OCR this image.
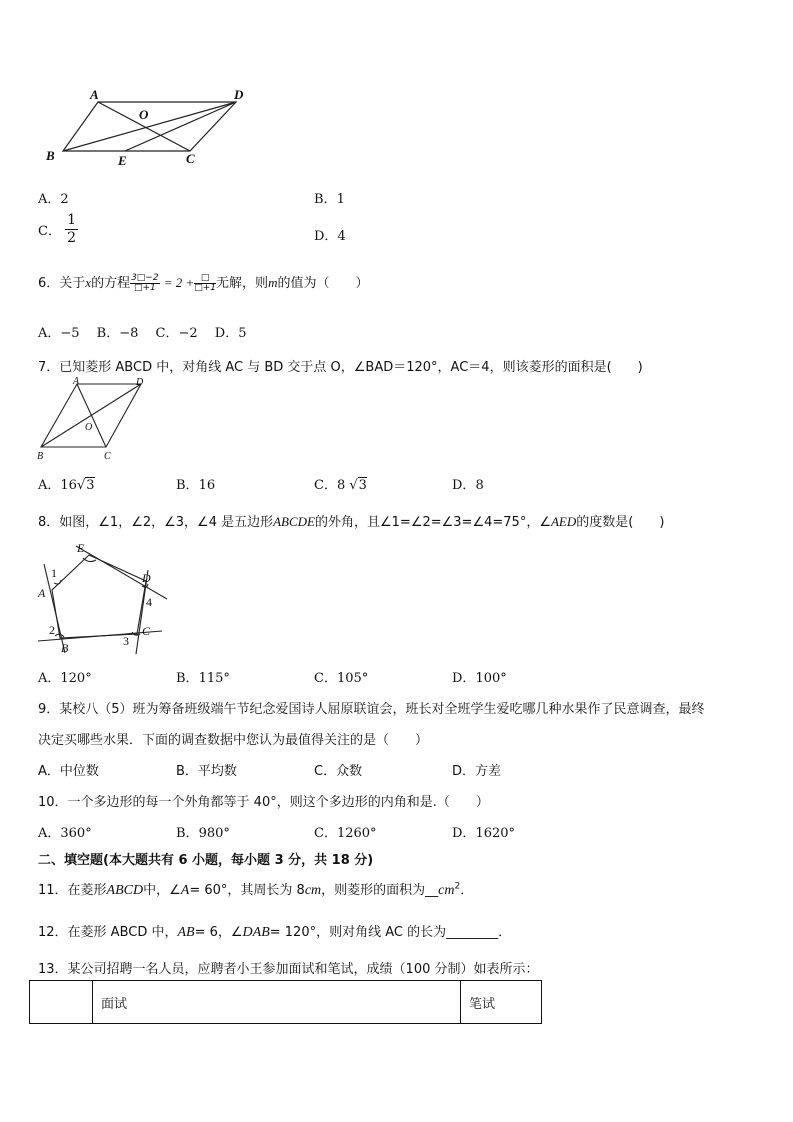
A	D
O
B	E	C
A．2	B．1
C． $\frac{1}{2}$	D．4
6．关于x的方程 $\frac{3□-2}{□+1} = 2 + \frac{□}{□+1}$ 无解，则m的值为（　　）
A．−5　 B．−8　 C．−2　 D．5
7．已知菱形 ABCD 中，对角线 AC 与 BD 交于点 O，∠BAD＝120°，AC＝4，则该菱形的面积是(　　)
A	D
O
B	C
A．16√3	B．16	C．8 √3	D．8
8．如图，∠1，∠2，∠3，∠4 是五边形ABCDE的外角，且∠1=∠2=∠3=∠4=75°，∠AED的度数是(　　)
E
1	D
A
4
2	C
3
B
A．120°	B．115°	C．105°	D．100°
9．某校八（5）班为筹备班级端午节纪念爱国诗人屈原联谊会，班长对全班学生爱吃哪几种水果作了民意调查，最终
决定买哪些水果．下面的调查数据中您认为最值得关注的是（　　）
A．中位数	B．平均数	C．众数	D．方差
10．一个多边形的每一个外角都等于 40°，则这个多边形的内角和是.（　　）
A．360°	B．980°	C．1260°	D．1620°
二、填空题(本大题共有 6 小题，每小题 3 分，共 18 分)
11．在菱形ABCD中，∠A= 60°，其周长为 8cm，则菱形的面积为$\_\_cm^2$．
12．在菱形 ABCD 中，AB= 6，∠DAB= 120°，则对角线 AC 的长为________．
13．某公司招聘一名人员，应聘者小王参加面试和笔试，成绩（100 分制）如表所示：
	面试	笔试
